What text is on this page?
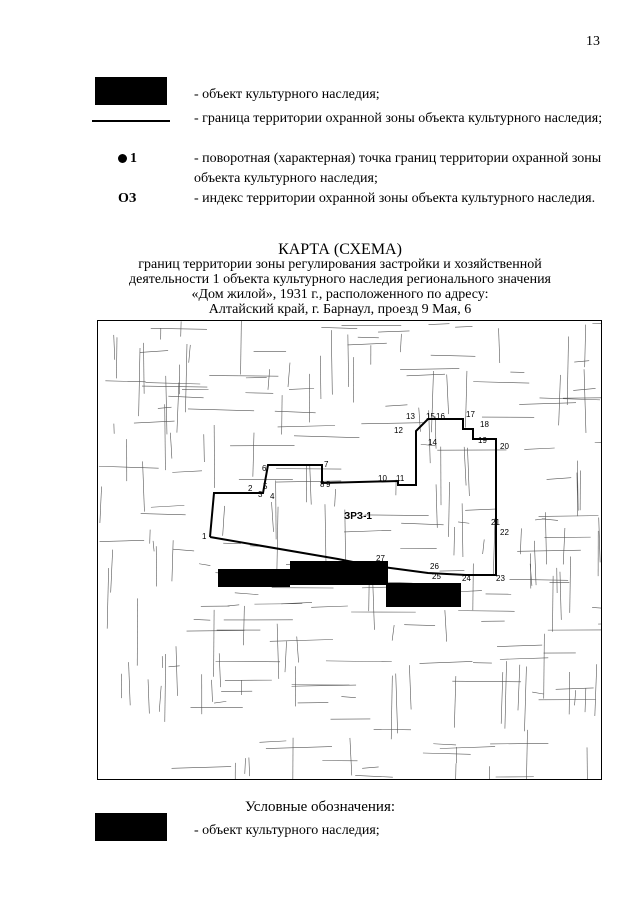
13
- объект культурного наследия;
- граница территории охранной зоны объекта культурного наследия;
1	- поворотная (характерная) точка границ территории охранной зоны объекта культурного наследия;
ОЗ	- индекс территории охранной зоны объекта культурного наследия.
КАРТА (СХЕМА)
границ территории зоны регулирования застройки и хозяйственной
деятельности 1 объекта культурного наследия регионального значения
«Дом жилой», 1931 г., расположенного по адресу:
Алтайский край, г. Барнаул, проезд 9 Мая, 6
1
2
3 4
5
6	7
8 9
10 11
12
13
14
15 16	17
18
19
20
21
22
23
24
25
26
27
ЗРЗ-1
Условные обозначения:
- объект культурного наследия;
